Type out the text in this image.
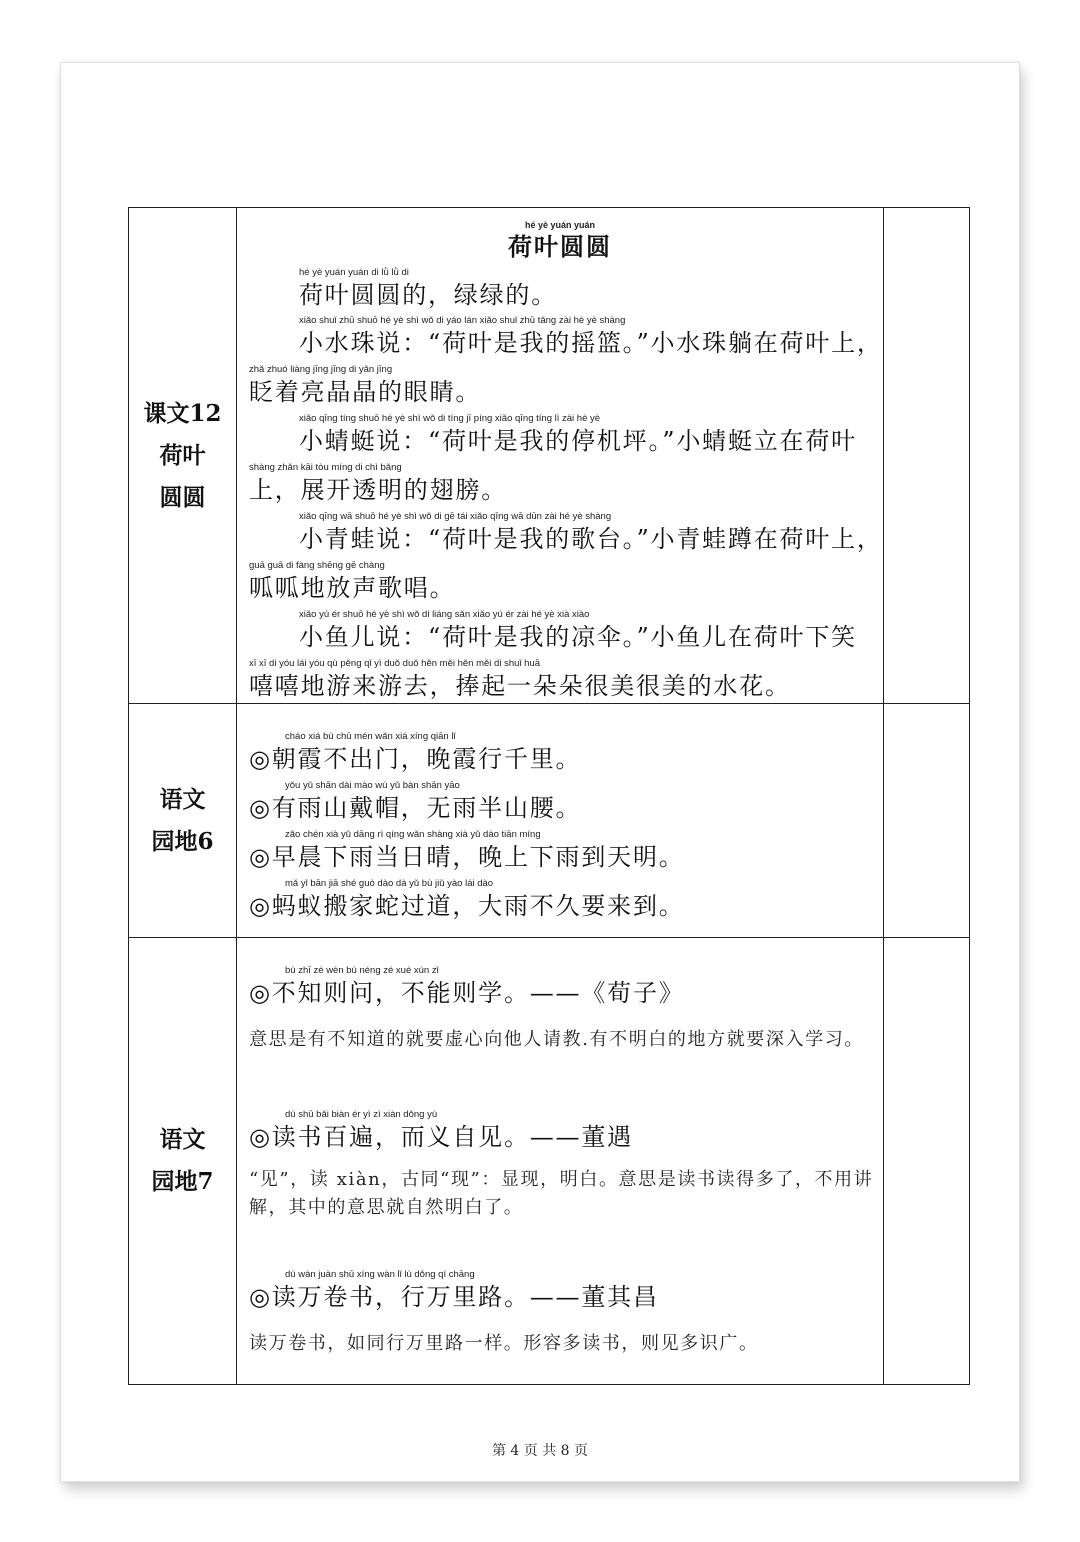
课文12
荷叶
圆圆
hé yè yuán yuán
荷叶圆圆
hé yè yuán yuán di lǜ lǜ di
荷叶圆圆的，绿绿的。
xiǎo shuǐ zhū shuō hé yè shì wǒ di yáo lán xiǎo shuǐ zhū tǎng zài hé yè shàng
小水珠说：“荷叶是我的摇篮。”小水珠躺在荷叶上，
zhǎ zhuó liàng jīng jīng di yǎn jīng
眨着亮晶晶的眼睛。
xiǎo qīng tíng shuō hé yè shì wǒ di tíng jī píng xiǎo qīng tíng lì zài hé yè
小蜻蜓说：“荷叶是我的停机坪。”小蜻蜓立在荷叶
shàng zhǎn kāi tòu míng di chì bǎng
上，展开透明的翅膀。
xiǎo qīng wā shuō hé yè shì wǒ di gē tái xiǎo qīng wā dūn zài hé yè shàng
小青蛙说：“荷叶是我的歌台。”小青蛙蹲在荷叶上，
guā guā di fàng shēng gē chàng
呱呱地放声歌唱。
xiǎo yú ér shuō hé yè shì wǒ di liáng sǎn xiǎo yú ér zài hé yè xià xiào
小鱼儿说：“荷叶是我的凉伞。”小鱼儿在荷叶下笑
xī xī di yóu lái yóu qù pěng qǐ yì duǒ duǒ hěn měi hěn měi di shuǐ huā
嘻嘻地游来游去，捧起一朵朵很美很美的水花。
语文
园地6
cháo xiá bù chū mén wǎn xiá xíng qiān lǐ
◎朝霞不出门，晚霞行千里。
yǒu yǔ shān dài mào wú yǔ bàn shān yāo
◎有雨山戴帽，无雨半山腰。
zǎo chén xià yǔ dāng rì qíng wǎn shàng xià yǔ dào tiān míng
◎早晨下雨当日晴，晚上下雨到天明。
mǎ yǐ bān jiā shé guò dào dà yǔ bù jiǔ yào lái dào
◎蚂蚁搬家蛇过道，大雨不久要来到。
语文
园地7
bù zhī zé wèn bù néng zé xué xún zǐ
◎不知则问，不能则学。——《荀子》
意思是有不知道的就要虚心向他人请教.有不明白的地方就要深入学习。
dú shū bǎi biàn ér yì zì xiàn dǒng yù
◎读书百遍，而义自见。——董遇
“见”，读 xiàn，古同“现”：显现，明白。意思是读书读得多了，不用讲解，其中的意思就自然明白了。
dú wàn juàn shū xíng wàn lǐ lù dǒng qí chāng
◎读万卷书，行万里路。——董其昌
读万卷书，如同行万里路一样。形容多读书，则见多识广。
第 4 页 共 8 页
